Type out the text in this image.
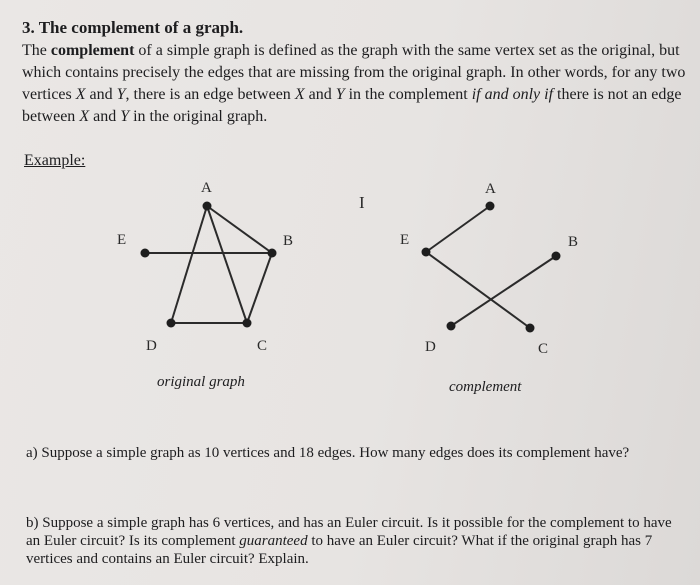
3. The complement of a graph.
The complement of a simple graph is defined as the graph with the same vertex set as the original, but which contains precisely the edges that are missing from the original graph. In other words, for any two vertices X and Y, there is an edge between X and Y in the complement if and only if there is not an edge between X and Y in the original graph.
Example:
A
B
C
D
E
original graph
I
A
B
C
D
E
complement
a) Suppose a simple graph as 10 vertices and 18 edges. How many edges does its complement have?
b) Suppose a simple graph has 6 vertices, and has an Euler circuit. Is it possible for the complement to have an Euler circuit? Is its complement guaranteed to have an Euler circuit? What if the original graph has 7 vertices and contains an Euler circuit? Explain.
